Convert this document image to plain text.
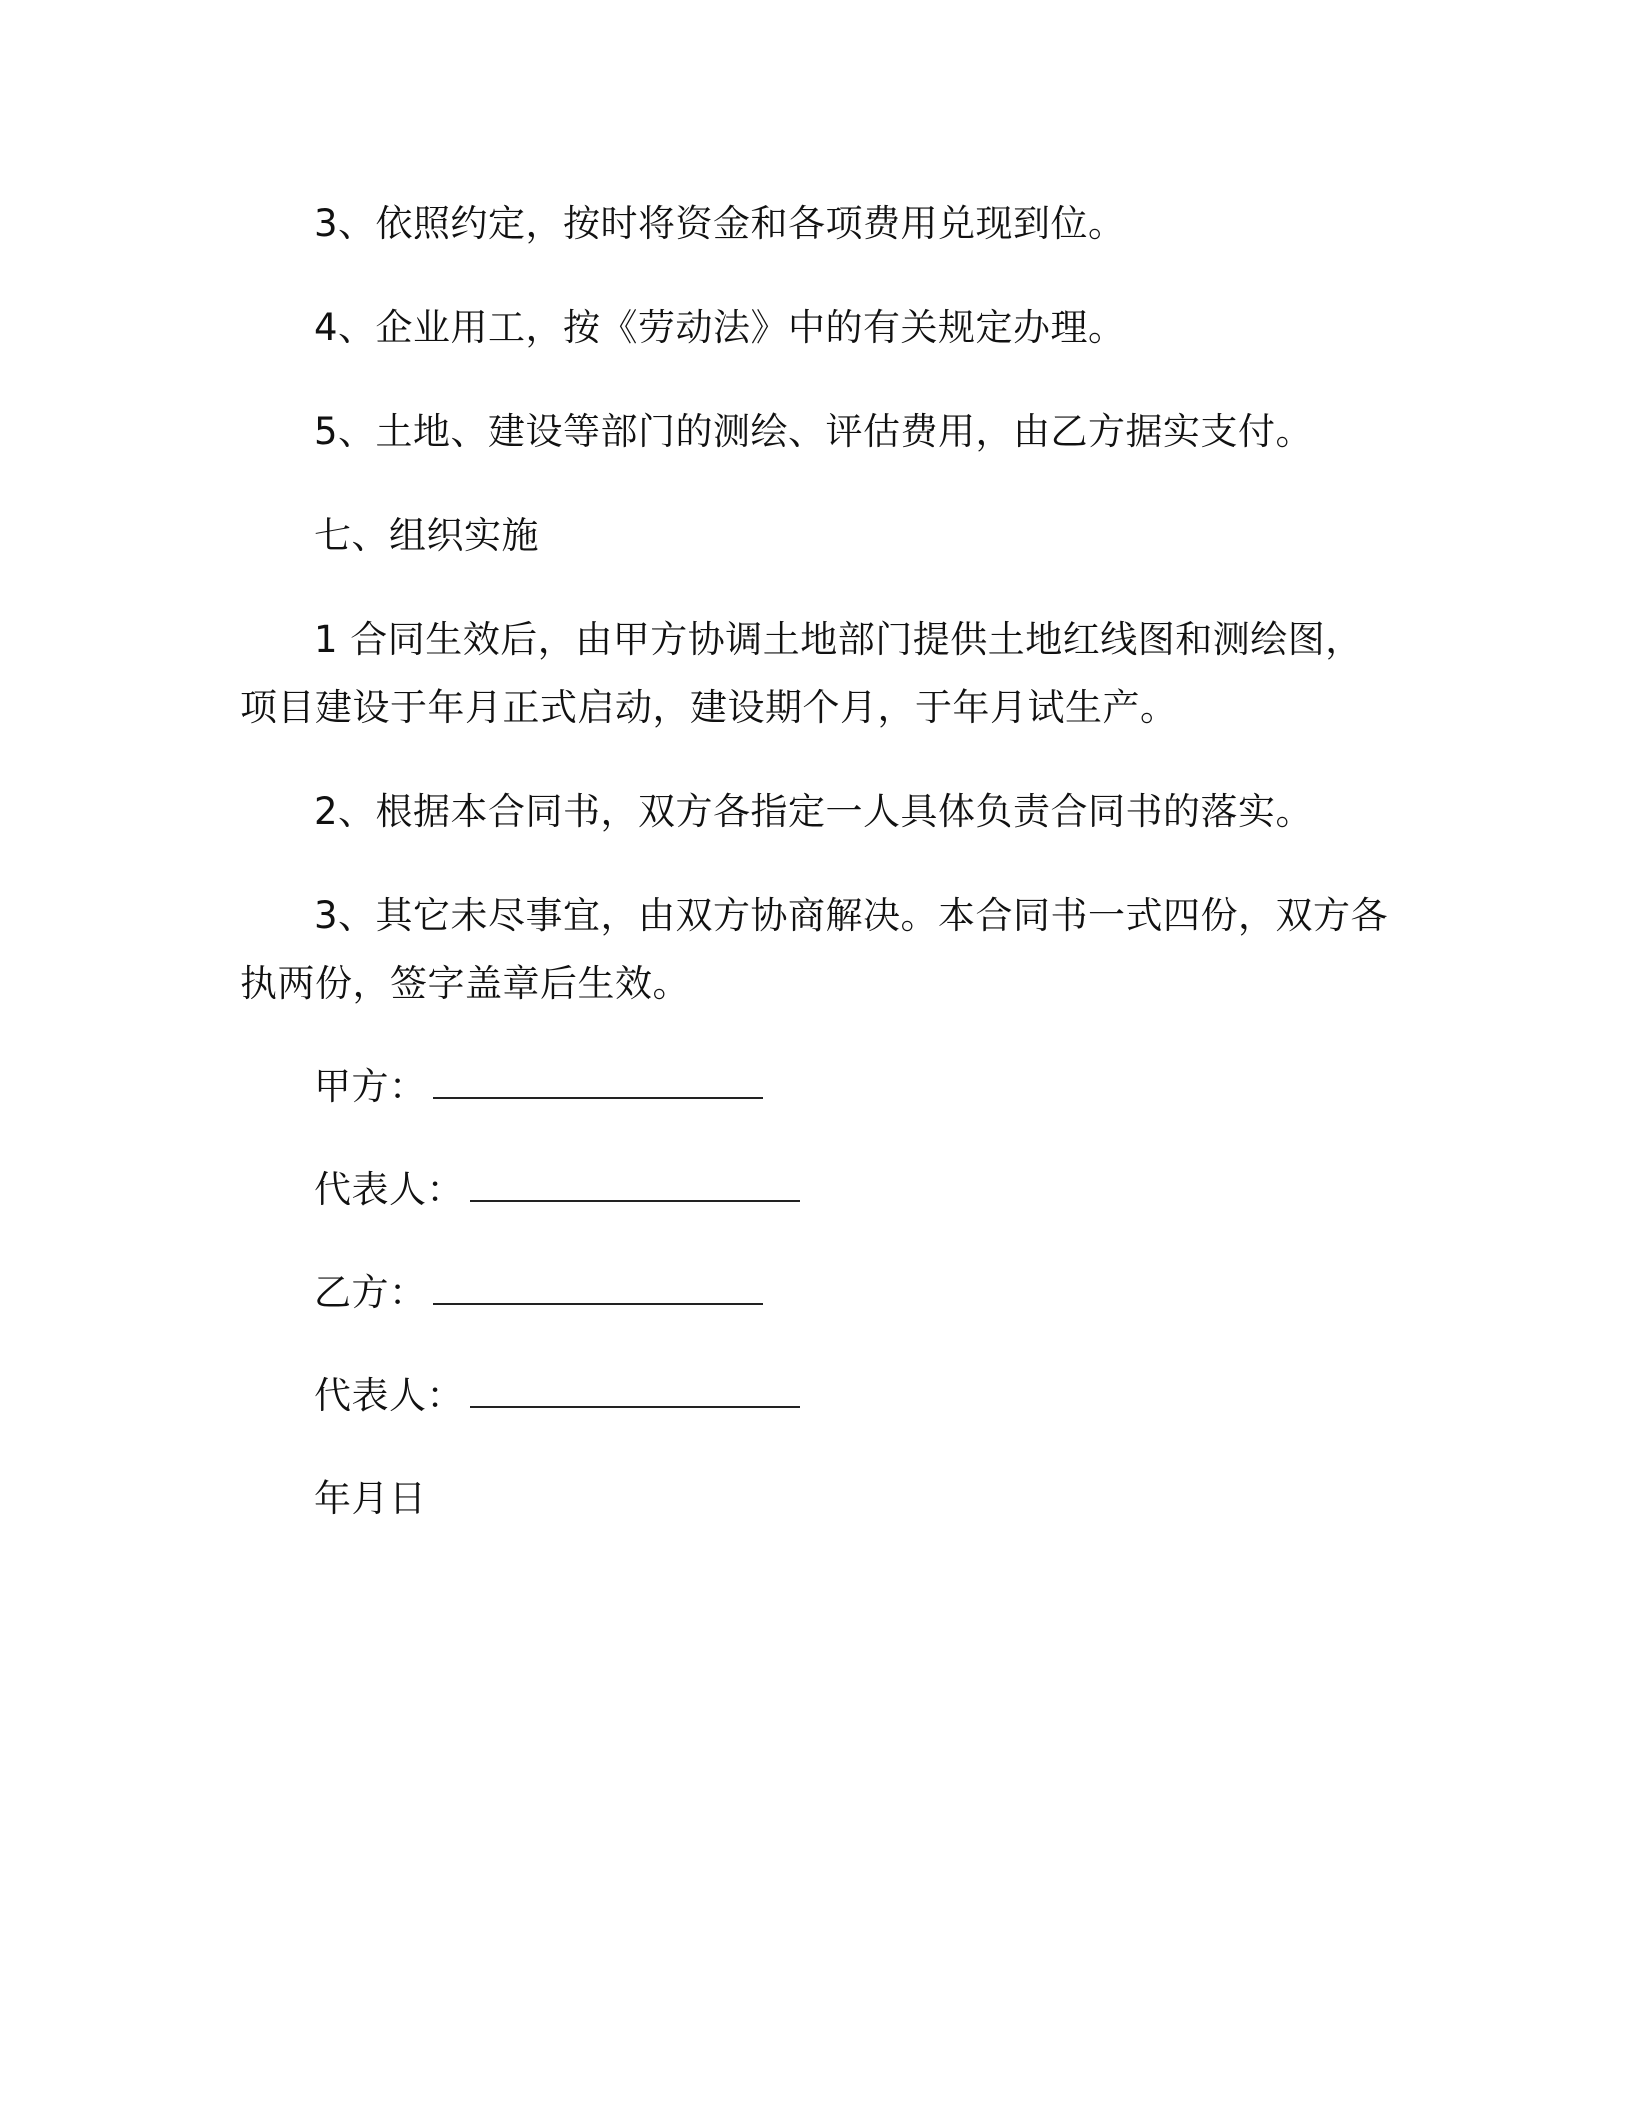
3、依照约定，按时将资金和各项费用兑现到位。

4、企业用工，按《劳动法》中的有关规定办理。

5、土地、建设等部门的测绘、评估费用，由乙方据实支付。

七、组织实施

1 合同生效后，由甲方协调土地部门提供土地红线图和测绘图，项目建设于年月正式启动，建设期个月，于年月试生产。

2、根据本合同书，双方各指定一人具体负责合同书的落实。

3、其它未尽事宜，由双方协商解决。本合同书一式四份，双方各执两份，签字盖章后生效。

甲方：
代表人：
乙方：
代表人：
年月日
